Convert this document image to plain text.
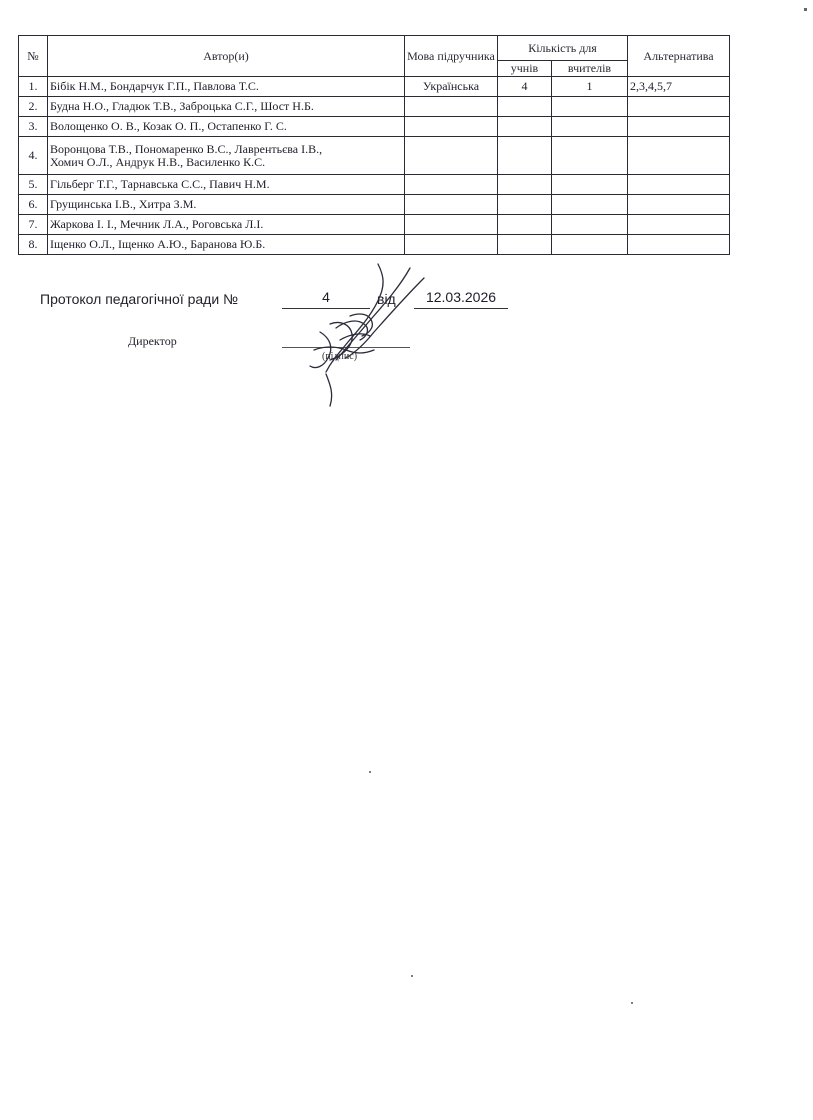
№	Автор(и)	Мова підручника	Кількість для		Альтернатива
			учнів	вчителів	
1.	Бібік Н.М., Бондарчук Г.П., Павлова Т.С.	Українська	4	1	2,3,4,5,7
2.	Будна Н.О., Гладюк Т.В., Заброцька С.Г., Шост Н.Б.				
3.	Волощенко О. В., Козак О. П., Остапенко Г. С.				
4.	Воронцова Т.В., Пономаренко В.С., Лаврентьєва І.В.,
Хомич О.Л., Андрук Н.В., Василенко К.С.				
5.	Гільберг Т.Г., Тарнавська С.С., Павич Н.М.				
6.	Грущинська І.В., Хитра З.М.				
7.	Жаркова І. І., Мечник Л.А., Роговська Л.І.				
8.	Іщенко О.Л., Іщенко А.Ю., Баранова Ю.Б.				
Протокол педагогічної ради №	4	від	12.03.2026
Директор
(підпис)
